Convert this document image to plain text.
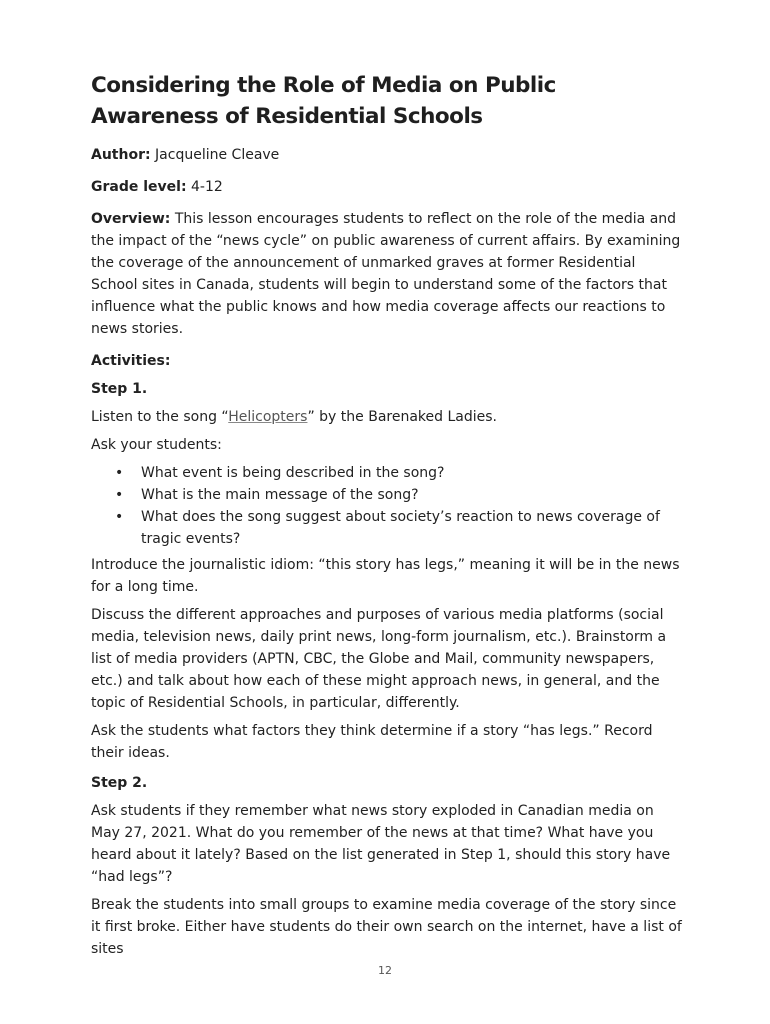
Considering the Role of Media on Public Awareness of Residential Schools

Author: Jacqueline Cleave

Grade level: 4-12

Overview: This lesson encourages students to reflect on the role of the media and the impact of the “news cycle” on public awareness of current affairs. By examining the coverage of the announcement of unmarked graves at former Residential School sites in Canada, students will begin to understand some of the factors that influence what the public knows and how media coverage affects our reactions to news stories.

Activities:
Step 1.

Listen to the song “Helicopters” by the Barenaked Ladies.

Ask your students:

• What event is being described in the song?
• What is the main message of the song?
• What does the song suggest about society’s reaction to news coverage of tragic events?

Introduce the journalistic idiom: “this story has legs,” meaning it will be in the news for a long time.

Discuss the different approaches and purposes of various media platforms (social media, television news, daily print news, long-form journalism, etc.). Brainstorm a list of media providers (APTN, CBC, the Globe and Mail, community newspapers, etc.) and talk about how each of these might approach news, in general, and the topic of Residential Schools, in particular, differently.

Ask the students what factors they think determine if a story “has legs.” Record their ideas.

Step 2.

Ask students if they remember what news story exploded in Canadian media on May 27, 2021. What do you remember of the news at that time? What have you heard about it lately? Based on the list generated in Step 1, should this story have “had legs”?

Break the students into small groups to examine media coverage of the story since it first broke. Either have students do their own search on the internet, have a list of sites

12
